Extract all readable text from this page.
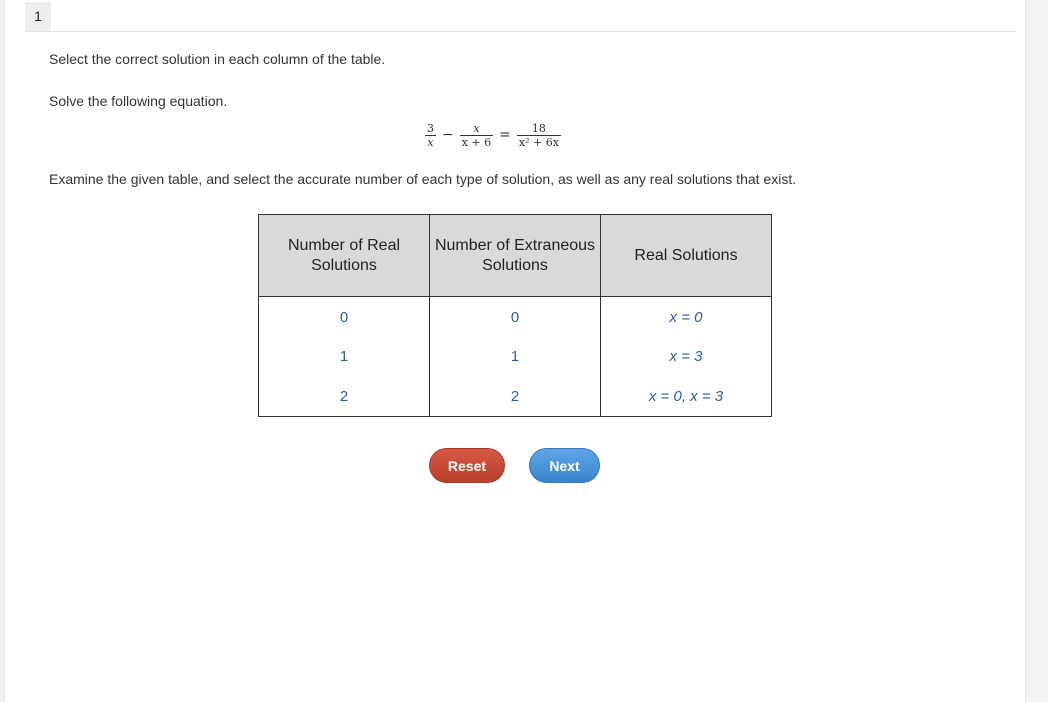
1
Select the correct solution in each column of the table.
Solve the following equation.
$\frac{3}{x} - \frac{x}{x + 6} = \frac{18}{\text{x² + 6x}}$
Examine the given table, and select the accurate number of each type of solution, as well as any real solutions that exist.
Number of Real Solutions	Number of Extraneous Solutions	Real Solutions
0	0	x = 0
1	1	x = 3
2	2	x = 0, x = 3
Reset	Next
